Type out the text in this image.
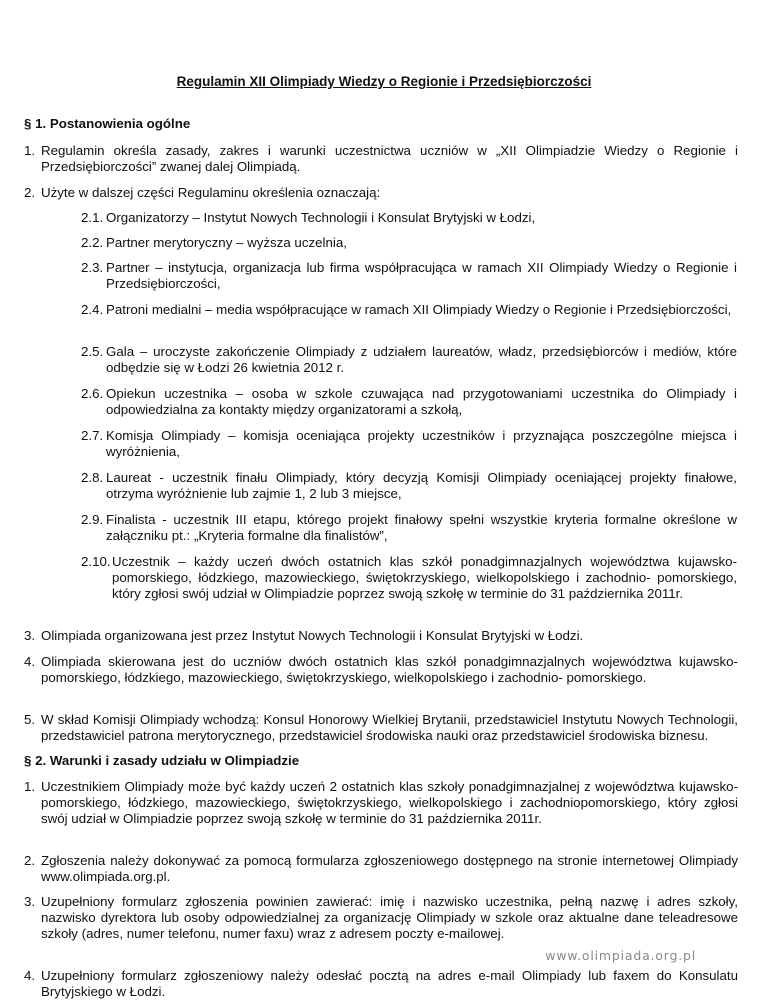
Regulamin XII Olimpiady Wiedzy o Regionie i Przedsiębiorczości
§ 1. Postanowienia ogólne
1. Regulamin określa zasady, zakres i warunki uczestnictwa uczniów w „XII Olimpiadzie Wiedzy o Regionie i Przedsiębiorczości” zwanej dalej Olimpiadą.
2. Użyte w dalszej części Regulaminu określenia oznaczają:
2.1. Organizatorzy – Instytut Nowych Technologii i Konsulat Brytyjski w Łodzi,
2.2. Partner merytoryczny – wyższa uczelnia,
2.3. Partner – instytucja, organizacja lub firma współpracująca w ramach XII Olimpiady Wiedzy o Regionie i Przedsiębiorczości,
2.4. Patroni medialni – media współpracujące w ramach XII Olimpiady Wiedzy o Regionie i Przedsiębiorczości,
2.5. Gala – uroczyste zakończenie Olimpiady z udziałem laureatów, władz, przedsiębiorców i mediów, które odbędzie się w Łodzi 26 kwietnia 2012 r.
2.6. Opiekun uczestnika – osoba w szkole czuwająca nad przygotowaniami uczestnika do Olimpiady i odpowiedzialna za kontakty między organizatorami a szkołą,
2.7. Komisja Olimpiady – komisja oceniająca projekty uczestników i przyznająca poszczególne miejsca i wyróżnienia,
2.8. Laureat - uczestnik finału Olimpiady, który decyzją Komisji Olimpiady oceniającej projekty finałowe, otrzyma wyróżnienie lub zajmie 1, 2 lub 3 miejsce,
2.9. Finalista - uczestnik III etapu, którego projekt finałowy spełni wszystkie kryteria formalne określone w załączniku pt.: „Kryteria formalne dla finalistów”,
2.10. Uczestnik – każdy uczeń dwóch ostatnich klas szkół ponadgimnazjalnych województwa kujawsko-pomorskiego, łódzkiego, mazowieckiego, świętokrzyskiego, wielkopolskiego i zachodnio- pomorskiego, który zgłosi swój udział w Olimpiadzie poprzez swoją szkołę w terminie do 31 października 2011r.
3. Olimpiada organizowana jest przez Instytut Nowych Technologii i Konsulat Brytyjski w Łodzi.
4. Olimpiada skierowana jest do uczniów dwóch ostatnich klas szkół ponadgimnazjalnych województwa kujawsko-pomorskiego, łódzkiego, mazowieckiego, świętokrzyskiego, wielkopolskiego i zachodnio- pomorskiego.
5. W skład Komisji Olimpiady wchodzą: Konsul Honorowy Wielkiej Brytanii, przedstawiciel Instytutu Nowych Technologii, przedstawiciel patrona merytorycznego, przedstawiciel środowiska nauki oraz przedstawiciel środowiska biznesu.
§ 2. Warunki i zasady udziału w Olimpiadzie
1. Uczestnikiem Olimpiady może być każdy uczeń 2 ostatnich klas szkoły ponadgimnazjalnej z województwa kujawsko-pomorskiego, łódzkiego, mazowieckiego, świętokrzyskiego, wielkopolskiego i zachodniopomorskiego, który zgłosi swój udział w Olimpiadzie poprzez swoją szkołę w terminie do 31 października 2011r.
2. Zgłoszenia należy dokonywać za pomocą formularza zgłoszeniowego dostępnego na stronie internetowej Olimpiady www.olimpiada.org.pl.
3. Uzupełniony formularz zgłoszenia powinien zawierać: imię i nazwisko uczestnika, pełną nazwę i adres szkoły, nazwisko dyrektora lub osoby odpowiedzialnej za organizację Olimpiady w szkole oraz aktualne dane teleadresowe szkoły (adres, numer telefonu, numer faxu) wraz z adresem poczty e-mailowej.
4. Uzupełniony formularz zgłoszeniowy należy odesłać pocztą na adres e-mail Olimpiady lub faxem do Konsulatu Brytyjskiego w Łodzi.
www.olimpiada.org.pl
